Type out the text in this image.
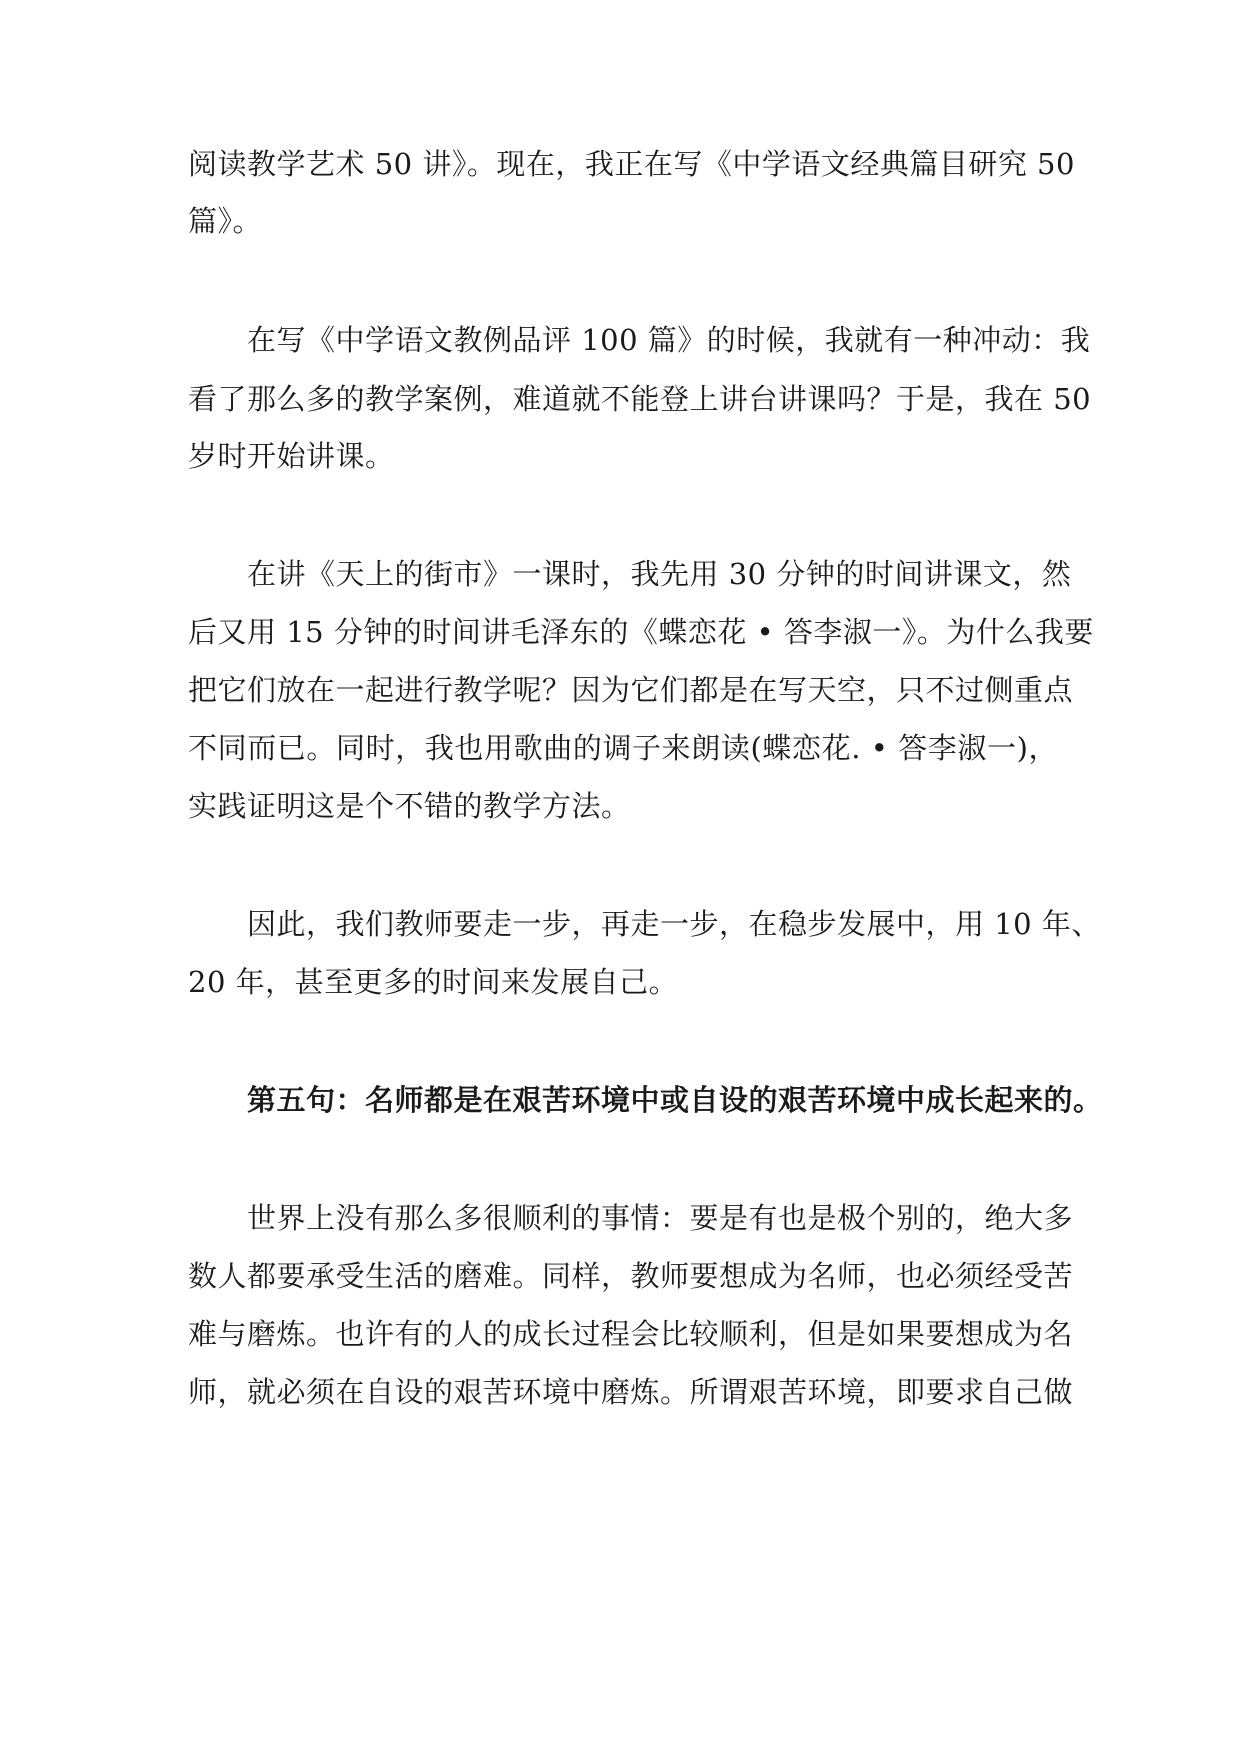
阅读教学艺术 50 讲》。现在，我正在写《中学语文经典篇目研究 50
篇》。
在写《中学语文教例品评 100 篇》的时候，我就有一种冲动：我
看了那么多的教学案例，难道就不能登上讲台讲课吗？于是，我在 50
岁时开始讲课。
在讲《天上的街市》一课时，我先用 30 分钟的时间讲课文，然
后又用 15 分钟的时间讲毛泽东的《蝶恋花 • 答李淑一》。为什么我要
把它们放在一起进行教学呢？因为它们都是在写天空，只不过侧重点
不同而已。同时，我也用歌曲的调子来朗读(蝶恋花. • 答李淑一)，
实践证明这是个不错的教学方法。
因此，我们教师要走一步，再走一步，在稳步发展中，用 10 年、
20 年，甚至更多的时间来发展自己。
第五句：名师都是在艰苦环境中或自设的艰苦环境中成长起来的。
世界上没有那么多很顺利的事情：要是有也是极个别的，绝大多
数人都要承受生活的磨难。同样，教师要想成为名师，也必须经受苦
难与磨炼。也许有的人的成长过程会比较顺利，但是如果要想成为名
师，就必须在自设的艰苦环境中磨炼。所谓艰苦环境，即要求自己做
